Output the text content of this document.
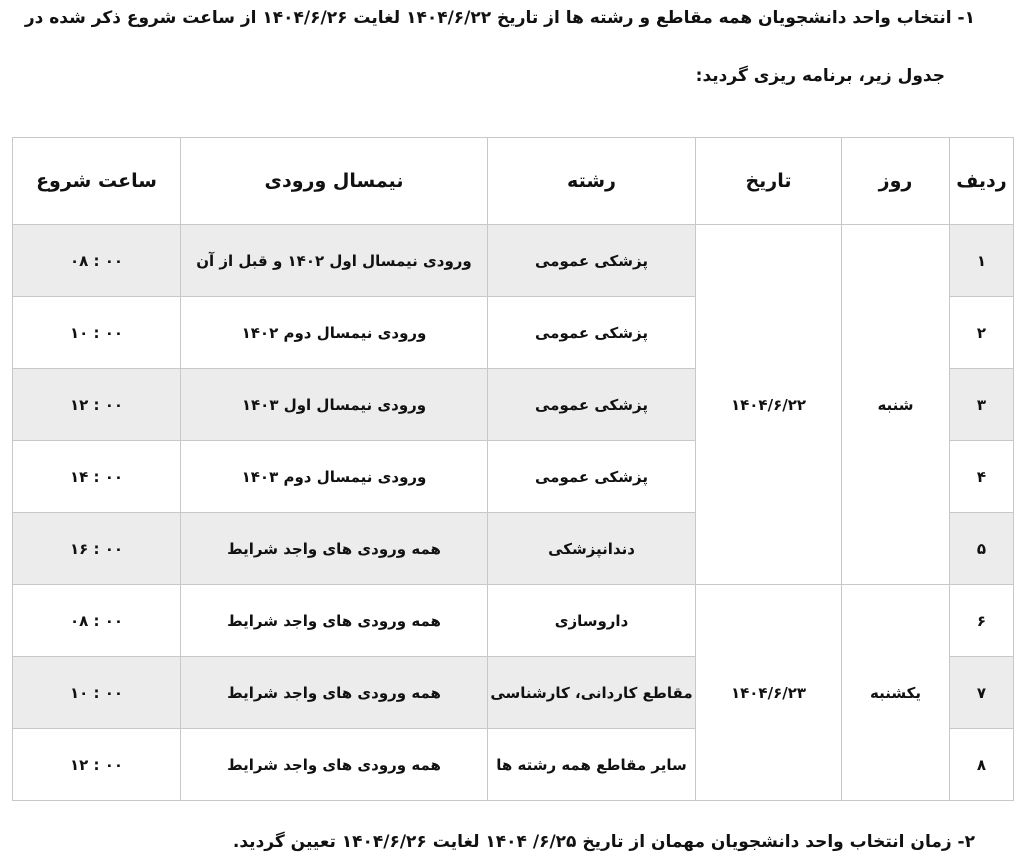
۱- انتخاب واحد دانشجویان همه مقاطع و رشته ها از تاریخ ۱۴۰۴/۶/۲۲ لغایت ۱۴۰۴/۶/۲۶ از ساعت شروع ذکر شده در
جدول زیر، برنامه ریزی گردید:
ردیف	روز	تاریخ	رشته	نیمسال ورودی	ساعت شروع
۱	شنبه	۱۴۰۴/۶/۲۲	پزشکی عمومی	ورودی نیمسال اول ۱۴۰۲ و قبل از آن	۰۸ : ۰۰
۲			پزشکی عمومی	ورودی نیمسال دوم ۱۴۰۲	۱۰ : ۰۰
۳			پزشکی عمومی	ورودی نیمسال اول ۱۴۰۳	۱۲ : ۰۰
۴			پزشکی عمومی	ورودی نیمسال دوم ۱۴۰۳	۱۴ : ۰۰
۵			دندانپزشکی	همه ورودی های واجد شرایط	۱۶ : ۰۰
۶	یکشنبه	۱۴۰۴/۶/۲۳	داروسازی	همه ورودی های واجد شرایط	۰۸ : ۰۰
۷			مقاطع کاردانی، کارشناسی	همه ورودی های واجد شرایط	۱۰ : ۰۰
۸			سایر مقاطع همه رشته ها	همه ورودی های واجد شرایط	۱۲ : ۰۰
۲- زمان انتخاب واحد دانشجویان مهمان از تاریخ ۶/۲۵/ ۱۴۰۴ لغایت ۱۴۰۴/۶/۲۶ تعیین گردید.
